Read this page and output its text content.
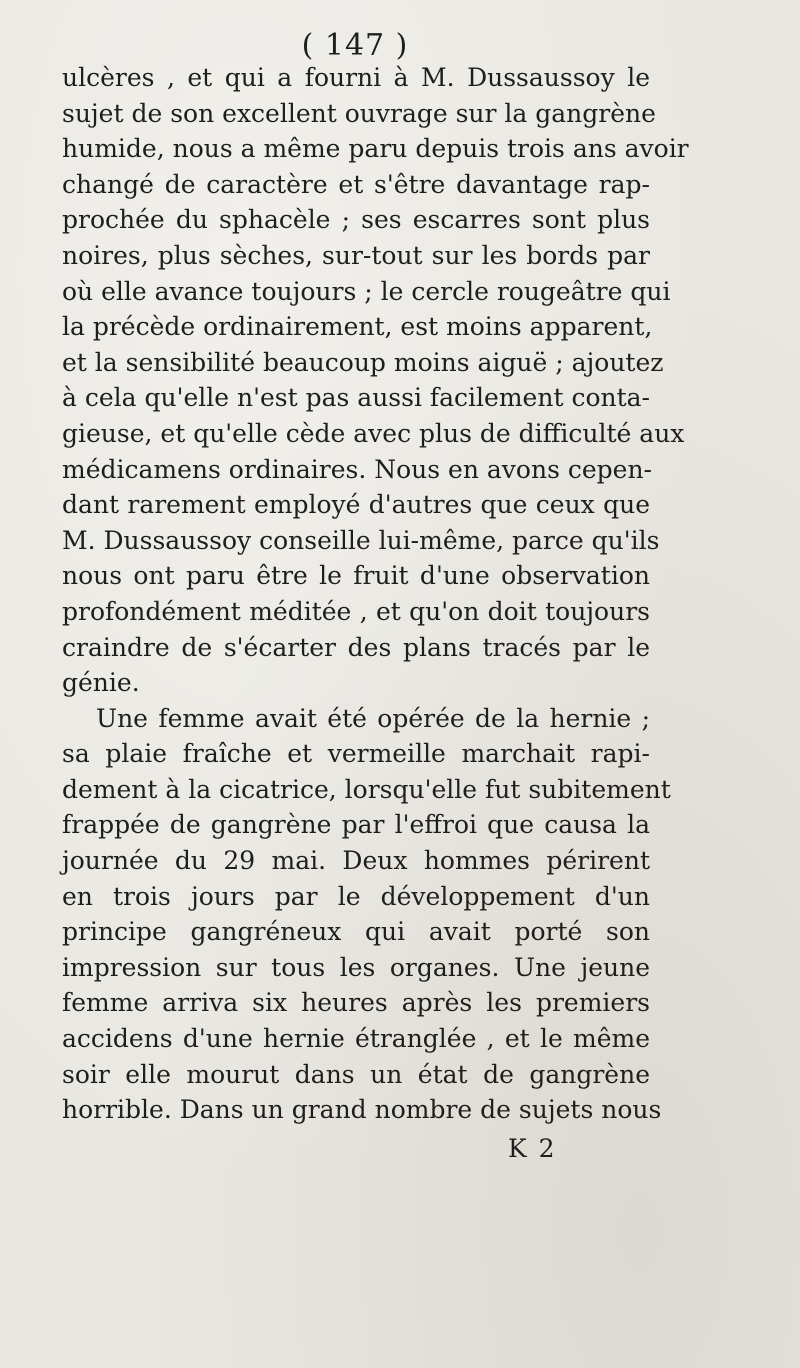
( 147 )
ulcères , et qui a fourni à M. Dussaussoy le
sujet de son excellent ouvrage sur la gangrène
humide, nous a même paru depuis trois ans avoir
changé de caractère et s'être davantage rap-
prochée du sphacèle ; ses escarres sont plus
noires, plus sèches, sur-tout sur les bords par
où elle avance toujours ; le cercle rougeâtre qui
la précède ordinairement, est moins apparent,
et la sensibilité beaucoup moins aiguë ; ajoutez
à cela qu'elle n'est pas aussi facilement conta-
gieuse, et qu'elle cède avec plus de difficulté aux
médicamens ordinaires. Nous en avons cepen-
dant rarement employé d'autres que ceux que
M. Dussaussoy conseille lui-même, parce qu'ils
nous ont paru être le fruit d'une observation
profondément méditée , et qu'on doit toujours
craindre de s'écarter des plans tracés par le
génie.
Une femme avait été opérée de la hernie ;
sa plaie fraîche et vermeille marchait rapi-
dement à la cicatrice, lorsqu'elle fut subitement
frappée de gangrène par l'effroi que causa la
journée du 29 mai. Deux hommes périrent
en trois jours par le développement d'un
principe gangréneux qui avait porté son
impression sur tous les organes. Une jeune
femme arriva six heures après les premiers
accidens d'une hernie étranglée , et le même
soir elle mourut dans un état de gangrène
horrible. Dans un grand nombre de sujets nous
K 2
